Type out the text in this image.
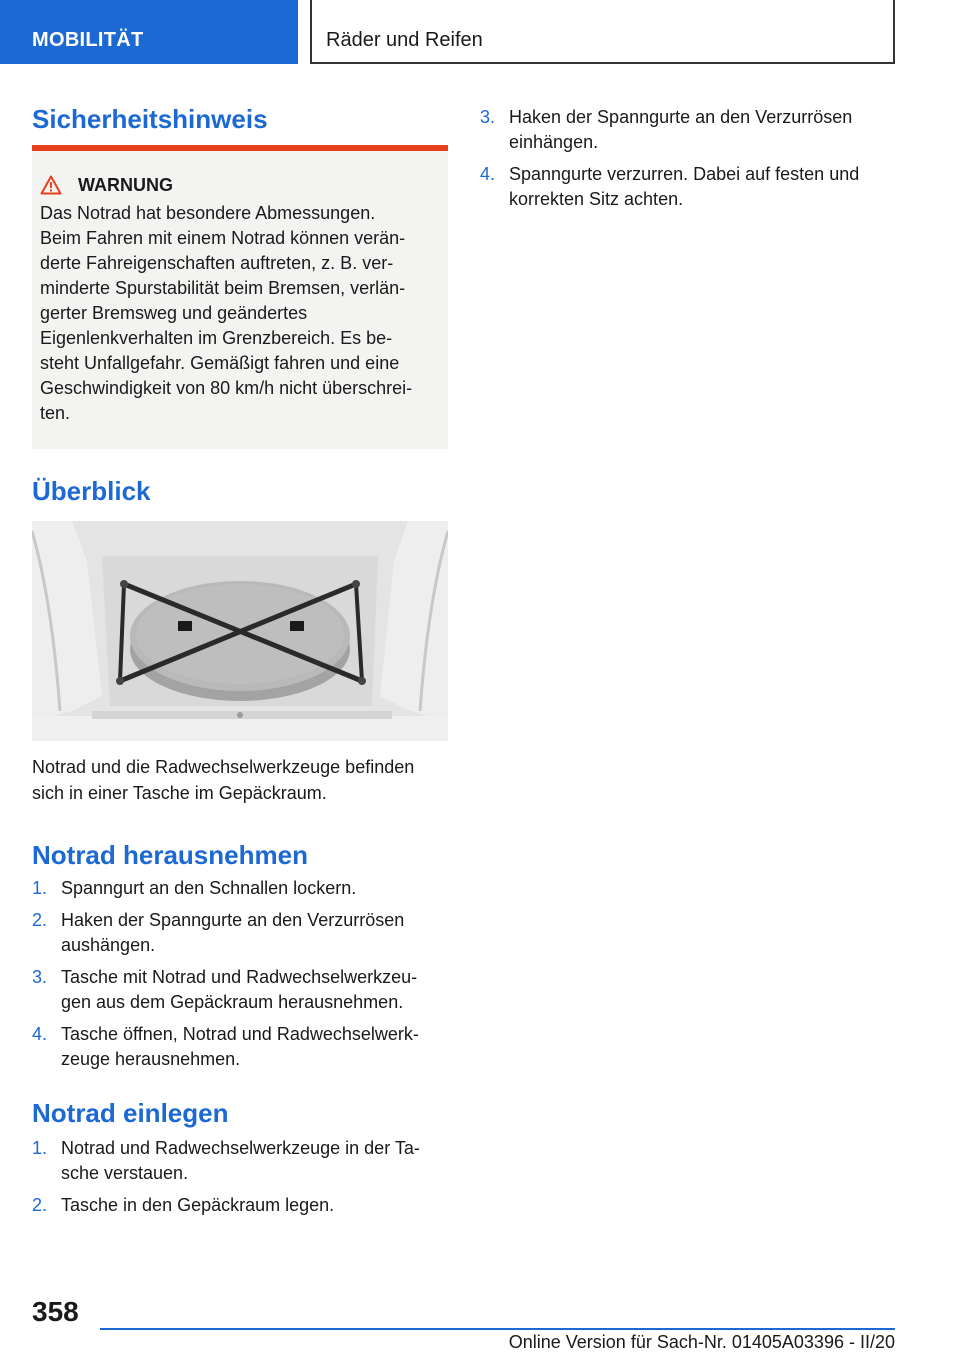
MOBILITÄT	Räder und Reifen
Sicherheitshinweis
WARNUNG
Das Notrad hat besondere Abmessungen.
Beim Fahren mit einem Notrad können verän‐
derte Fahreigenschaften auftreten, z. B. ver‐
minderte Spurstabilität beim Bremsen, verlän‐
gerter Bremsweg und geändertes
Eigenlenkverhalten im Grenzbereich. Es be‐
steht Unfallgefahr. Gemäßigt fahren und eine
Geschwindigkeit von 80 km/h nicht überschrei‐
ten.
Überblick
Notrad und die Radwechselwerkzeuge befinden
sich in einer Tasche im Gepäckraum.
Notrad herausnehmen
1. Spanngurt an den Schnallen lockern.
2. Haken der Spanngurte an den Verzurrösen
aushängen.
3. Tasche mit Notrad und Radwechselwerkzeu‐
gen aus dem Gepäckraum herausnehmen.
4. Tasche öffnen, Notrad und Radwechselwerk‐
zeuge herausnehmen.
Notrad einlegen
1. Notrad und Radwechselwerkzeuge in der Ta‐
sche verstauen.
2. Tasche in den Gepäckraum legen.
3. Haken der Spanngurte an den Verzurrösen
einhängen.
4. Spanngurte verzurren. Dabei auf festen und
korrekten Sitz achten.
358
Online Version für Sach-Nr. 01405A03396 - II/20
